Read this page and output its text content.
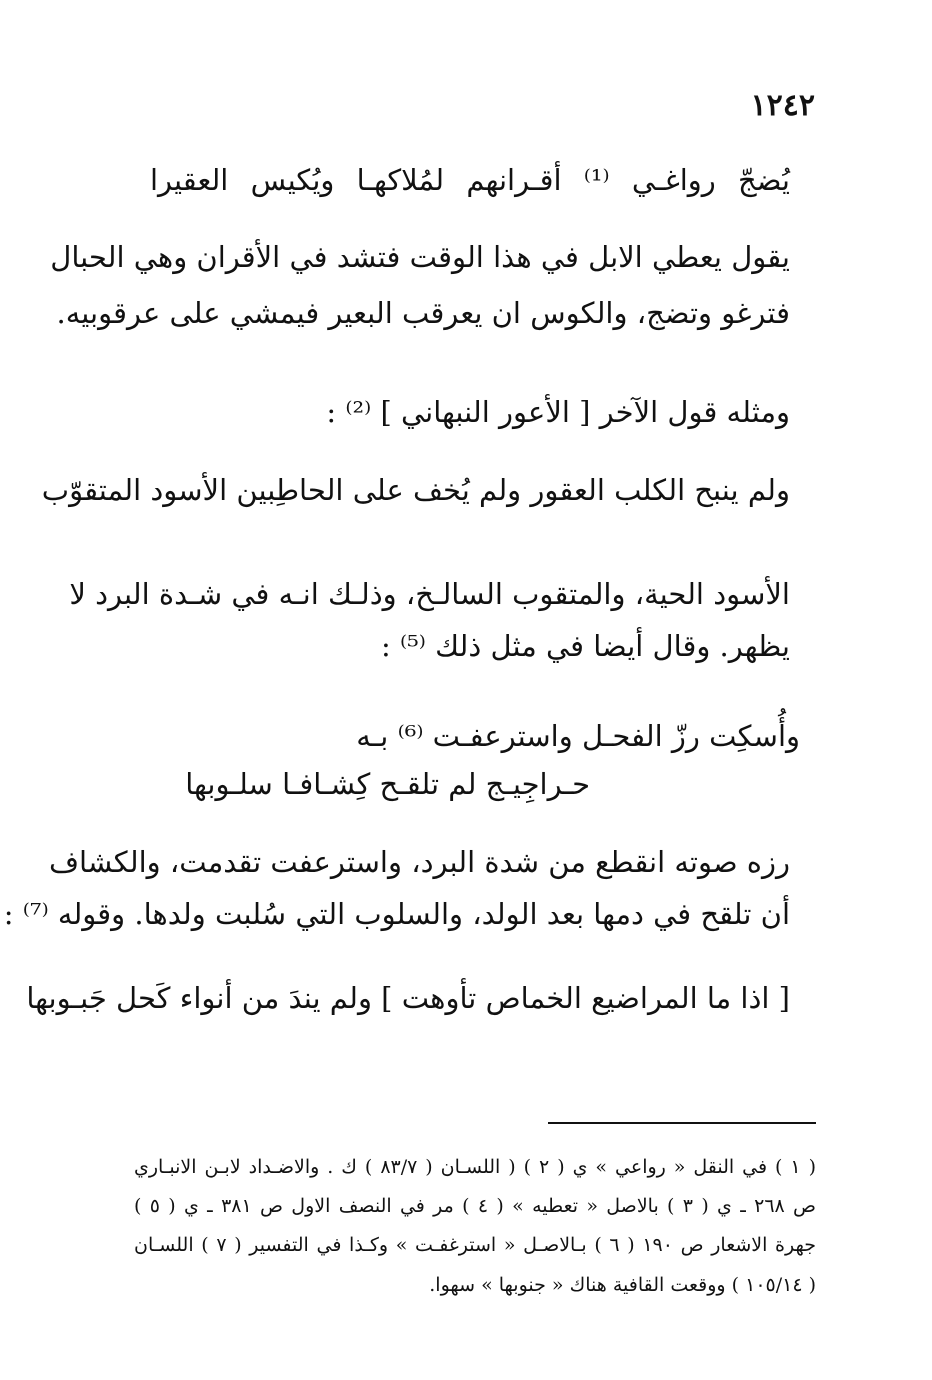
١٢٤٢
يُضجّ رواغـي ⁽¹⁾ أقـرانهم لمُلاكهـا ويُكيس العقيرا
يقول يعطي الابل في هذا الوقت فتشد في الأقران وهي الحبال
فترغو وتضج، والكوس ان يعرقب البعير فيمشي على عرقوبيه.
ومثله قول الآخر [ الأعور النبهاني ] ⁽²⁾ :
ولم ينبح الكلب العقور ولم يُخف على الحاطِبين الأسود المتقوّب
الأسود الحية، والمتقوب السالـخ، وذلـك انـه في شـدة البرد لا
يظهر. وقال أيضا في مثل ذلك ⁽⁵⁾ :
وأُسكِت رزّ الفحـل واسترعفـت ⁽⁶⁾ بـه
حـراجِيـج لم تلقـح كِشـافـا سلـوبها
رزه صوته انقطع من شدة البرد، واسترعفت تقدمت، والكشاف
أن تلقح في دمها بعد الولد، والسلوب التي سُلبت ولدها. وقوله ⁽⁷⁾ :
[ اذا ما المراضيع الخماص تأوهت ] ولم يندَ من أنواء كَحل جَبـوبها
( ١ ) في النقل « رواعي » ي ( ٢ ) ( اللسـان ( ٨٣/٧ ) ك . والاضـداد لابـن الانبـاري
ص ٢٦٨ ـ ي ( ٣ ) بالاصل « تعطيه » ( ٤ ) مر في النصف الاول ص ٣٨١ ـ ي ( ٥ )
جهرة الاشعار ص ١٩٠ ( ٦ ) بـالاصـل « استرغفـت » وكـذا في التفسير ( ٧ ) اللسـان
( ١٠٥/١٤ ) ووقعت القافية هناك « جنوبها » سهوا.
